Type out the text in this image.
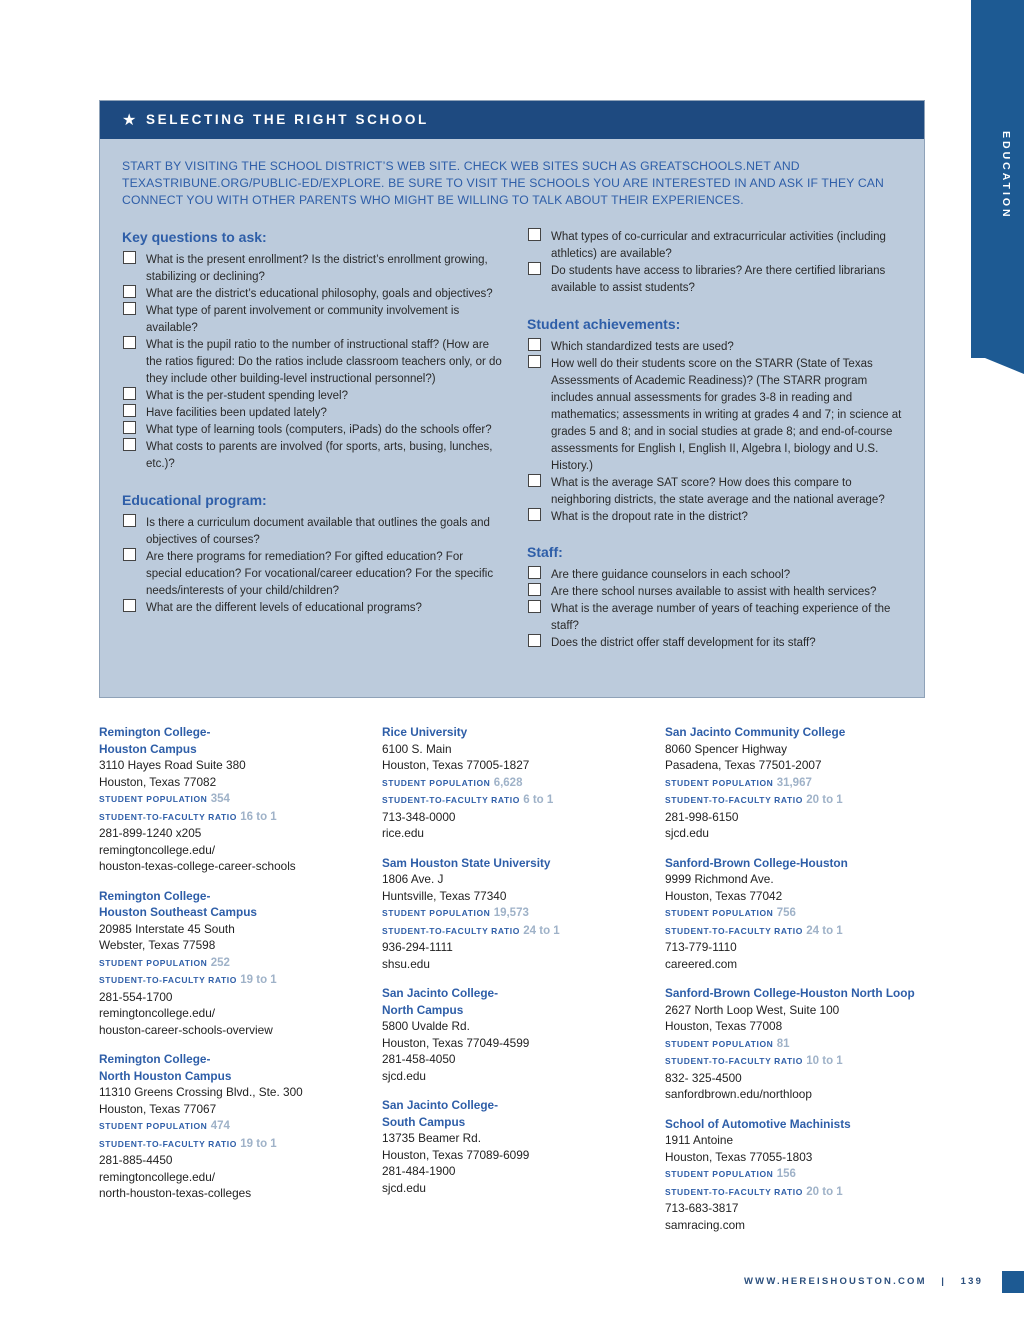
EDUCATION
★ SELECTING THE RIGHT SCHOOL
START BY VISITING THE SCHOOL DISTRICT’S WEB SITE. CHECK WEB SITES SUCH AS GREATSCHOOLS.NET AND TEXASTRIBUNE.ORG/PUBLIC-ED/EXPLORE. BE SURE TO VISIT THE SCHOOLS YOU ARE INTERESTED IN AND ASK IF THEY CAN CONNECT YOU WITH OTHER PARENTS WHO MIGHT BE WILLING TO TALK ABOUT THEIR EXPERIENCES.
Key questions to ask:
What is the present enrollment? Is the district’s enrollment growing, stabilizing or declining?
What are the district’s educational philosophy, goals and objectives?
What type of parent involvement or community involvement is available?
What is the pupil ratio to the number of instructional staff? (How are the ratios figured: Do the ratios include classroom teachers only, or do they include other building-level instructional personnel?)
What is the per-student spending level?
Have facilities been updated lately?
What type of learning tools (computers, iPads) do the schools offer?
What costs to parents are involved (for sports, arts, busing, lunches, etc.)?
Educational program:
Is there a curriculum document available that outlines the goals and objectives of courses?
Are there programs for remediation? For gifted education? For special education? For vocational/career education? For the specific needs/interests of your child/children?
What are the different levels of educational programs?
What types of co-curricular and extracurricular activities (including athletics) are available?
Do students have access to libraries? Are there certified librarians available to assist students?
Student achievements:
Which standardized tests are used?
How well do their students score on the STARR (State of Texas Assessments of Academic Readiness)? (The STARR program includes annual assessments for grades 3-8 in reading and mathematics; assessments in writing at grades 4 and 7; in science at grades 5 and 8; and in social studies at grade 8; and end-of-course assessments for English I, English II, Algebra I, biology and U.S. History.)
What is the average SAT score? How does this compare to neighboring districts, the state average and the national average?
What is the dropout rate in the district?
Staff:
Are there guidance counselors in each school?
Are there school nurses available to assist with health services?
What is the average number of years of teaching experience of the staff?
Does the district offer staff development for its staff?
Remington College-
Houston Campus
3110 Hayes Road Suite 380
Houston, Texas 77082
STUDENT POPULATION 354
STUDENT-TO-FACULTY RATIO 16 to 1
281-899-1240 x205
remingtoncollege.edu/
houston-texas-college-career-schools
Remington College-
Houston Southeast Campus
20985 Interstate 45 South
Webster, Texas 77598
STUDENT POPULATION 252
STUDENT-TO-FACULTY RATIO 19 to 1
281-554-1700
remingtoncollege.edu/
houston-career-schools-overview
Remington College-
North Houston Campus
11310 Greens Crossing Blvd., Ste. 300
Houston, Texas 77067
STUDENT POPULATION 474
STUDENT-TO-FACULTY RATIO 19 to 1
281-885-4450
remingtoncollege.edu/
north-houston-texas-colleges
Rice University
6100 S. Main
Houston, Texas 77005-1827
STUDENT POPULATION 6,628
STUDENT-TO-FACULTY RATIO 6 to 1
713-348-0000
rice.edu
Sam Houston State University
1806 Ave. J
Huntsville, Texas 77340
STUDENT POPULATION 19,573
STUDENT-TO-FACULTY RATIO 24 to 1
936-294-1111
shsu.edu
San Jacinto College-
North Campus
5800 Uvalde Rd.
Houston, Texas 77049-4599
281-458-4050
sjcd.edu
San Jacinto College-
South Campus
13735 Beamer Rd.
Houston, Texas 77089-6099
281-484-1900
sjcd.edu
San Jacinto Community College
8060 Spencer Highway
Pasadena, Texas 77501-2007
STUDENT POPULATION 31,967
STUDENT-TO-FACULTY RATIO 20 to 1
281-998-6150
sjcd.edu
Sanford-Brown College-Houston
9999 Richmond Ave.
Houston, Texas 77042
STUDENT POPULATION 756
STUDENT-TO-FACULTY RATIO 24 to 1
713-779-1110
careered.com
Sanford-Brown College-Houston North Loop
2627 North Loop West, Suite 100
Houston, Texas 77008
STUDENT POPULATION 81
STUDENT-TO-FACULTY RATIO 10 to 1
832- 325-4500
sanfordbrown.edu/northloop
School of Automotive Machinists
1911 Antoine
Houston, Texas 77055-1803
STUDENT POPULATION 156
STUDENT-TO-FACULTY RATIO 20 to 1
713-683-3817
samracing.com
WWW.HEREISHOUSTON.COM | 139
